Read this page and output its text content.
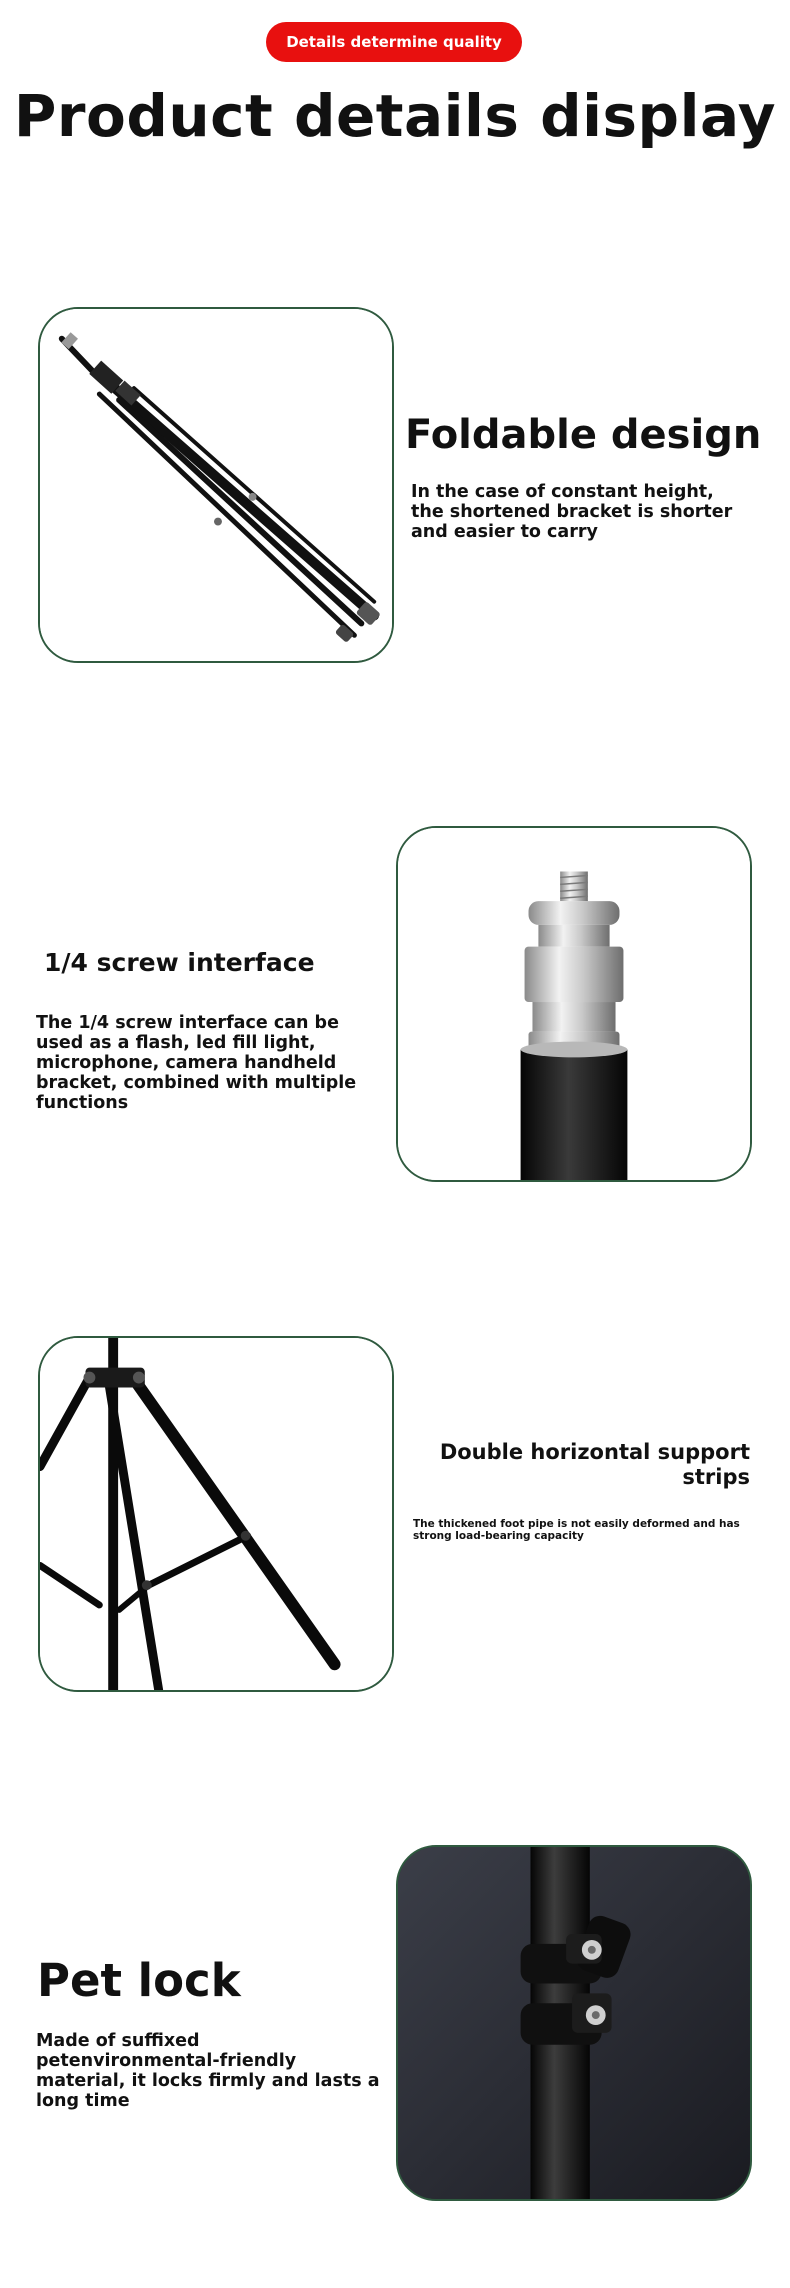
Details determine quality
Product details display
Foldable design

In the case of constant height, the shortened bracket is shorter and easier to carry

1/4 screw interface

The 1/4 screw interface can be used as a flash, led fill light, microphone, camera handheld bracket, combined with multiple functions

Double horizontal support strips

The thickened foot pipe is not easily deformed and has strong load-bearing capacity

Pet lock

Made of suffixed petenvironmental-friendly material, it locks firmly and lasts a long time
